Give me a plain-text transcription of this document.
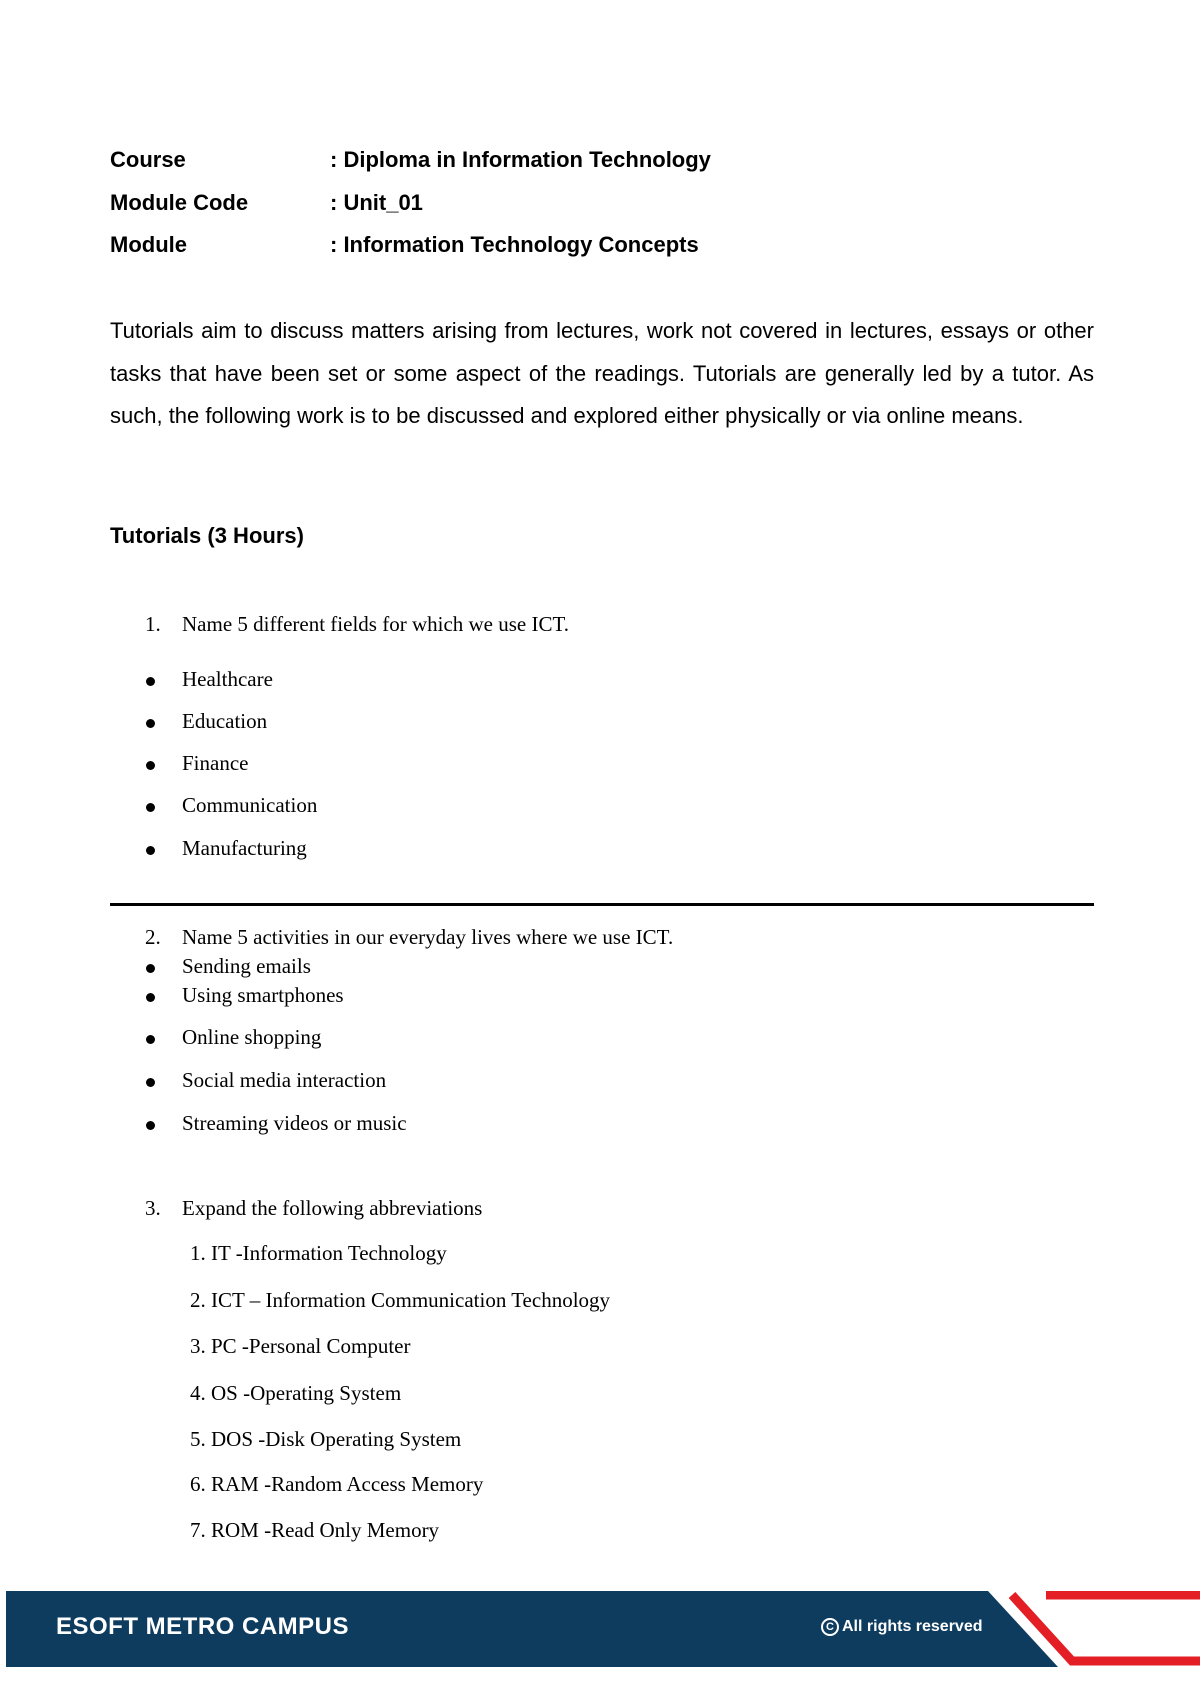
Course	: Diploma in Information Technology
Module Code	: Unit_01
Module	: Information Technology Concepts
Tutorials aim to discuss matters arising from lectures, work not covered in lectures, essays or other tasks that have been set or some aspect of the readings. Tutorials are generally led by a tutor. As such, the following work is to be discussed and explored either physically or via online means.
Tutorials (3 Hours)
1. Name 5 different fields for which we use ICT.
Healthcare
Education
Finance
Communication
Manufacturing
2. Name 5 activities in our everyday lives where we use ICT.
Sending emails
Using smartphones
Online shopping
Social media interaction
Streaming videos or music
3. Expand the following abbreviations
1. IT -Information Technology
2. ICT – Information Communication Technology
3. PC -Personal Computer
4. OS -Operating System
5. DOS -Disk Operating System
6. RAM -Random Access Memory
7. ROM -Read Only Memory
ESOFT METRO CAMPUS
C	All rights reserved
